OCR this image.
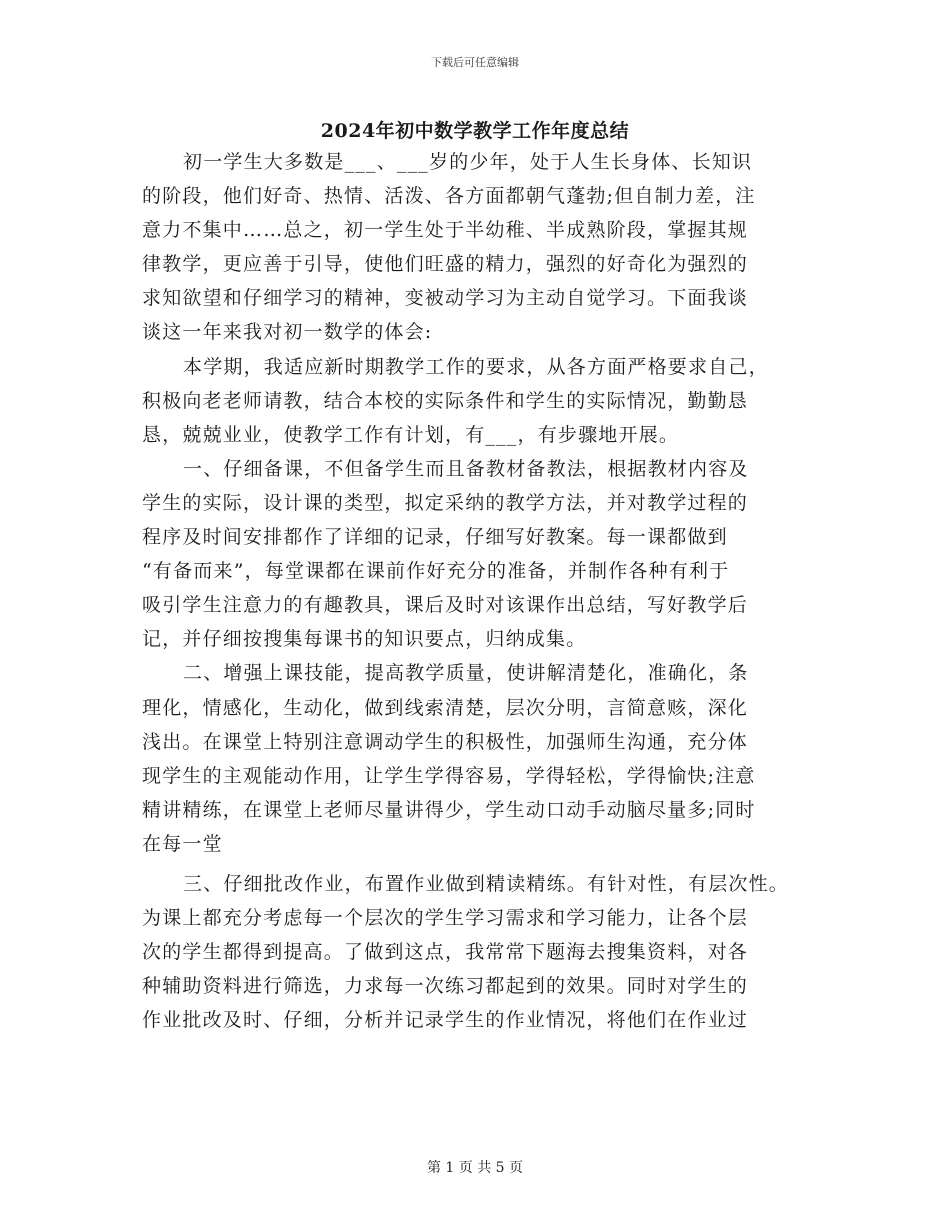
下载后可任意编辑
2024年初中数学教学工作年度总结
初一学生大多数是___、___岁的少年，处于人生长身体、长知识
的阶段，他们好奇、热情、活泼、各方面都朝气蓬勃;但自制力差，注
意力不集中……总之，初一学生处于半幼稚、半成熟阶段，掌握其规
律教学，更应善于引导，使他们旺盛的精力，强烈的好奇化为强烈的
求知欲望和仔细学习的精神，变被动学习为主动自觉学习。下面我谈
谈这一年来我对初一数学的体会:
本学期，我适应新时期教学工作的要求，从各方面严格要求自己，
积极向老老师请教，结合本校的实际条件和学生的实际情况，勤勤恳
恳，兢兢业业，使教学工作有计划，有___，有步骤地开展。
一、仔细备课，不但备学生而且备教材备教法，根据教材内容及
学生的实际，设计课的类型，拟定采纳的教学方法，并对教学过程的
程序及时间安排都作了详细的记录，仔细写好教案。每一课都做到
“有备而来”，每堂课都在课前作好充分的准备，并制作各种有利于
吸引学生注意力的有趣教具，课后及时对该课作出总结，写好教学后
记，并仔细按搜集每课书的知识要点，归纳成集。
二、增强上课技能，提高教学质量，使讲解清楚化，准确化，条
理化，情感化，生动化，做到线索清楚，层次分明，言简意赅，深化
浅出。在课堂上特别注意调动学生的积极性，加强师生沟通，充分体
现学生的主观能动作用，让学生学得容易，学得轻松，学得愉快;注意
精讲精练，在课堂上老师尽量讲得少，学生动口动手动脑尽量多;同时
在每一堂
三、仔细批改作业，布置作业做到精读精练。有针对性，有层次性。
为课上都充分考虑每一个层次的学生学习需求和学习能力，让各个层
次的学生都得到提高。了做到这点，我常常下题海去搜集资料，对各
种辅助资料进行筛选，力求每一次练习都起到的效果。同时对学生的
作业批改及时、仔细，分析并记录学生的作业情况，将他们在作业过
第 1 页 共 5 页
